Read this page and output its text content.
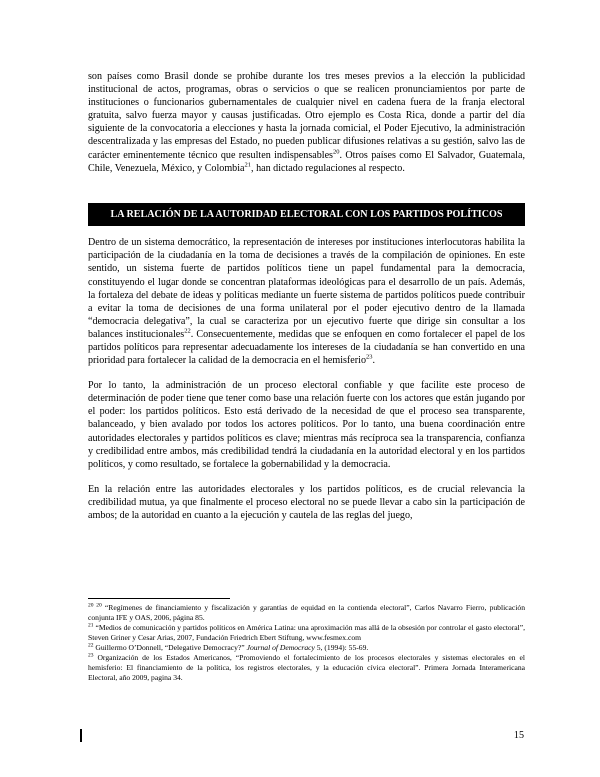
son países como Brasil donde se prohíbe durante los tres meses previos a la elección la publicidad institucional de actos, programas, obras o servicios o que se realicen pronunciamientos por parte de instituciones o funcionarios gubernamentales de cualquier nivel en cadena fuera de la franja electoral gratuita, salvo fuerza mayor y causas justificadas. Otro ejemplo es Costa Rica, donde a partir del día siguiente de la convocatoria a elecciones y hasta la jornada comicial, el Poder Ejecutivo, la administración descentralizada y las empresas del Estado, no pueden publicar difusiones relativas a su gestión, salvo las de carácter eminentemente técnico que resulten indispensables$^{20}$. Otros países como El Salvador, Guatemala, Chile, Venezuela, México, y Colombia$^{21}$, han dictado regulaciones al respecto.

LA RELACIÓN DE LA AUTORIDAD ELECTORAL CON LOS PARTIDOS POLÍTICOS

Dentro de un sistema democrático, la representación de intereses por instituciones interlocutoras habilita la participación de la ciudadanía en la toma de decisiones a través de la compilación de opiniones. En este sentido, un sistema fuerte de partidos políticos tiene un papel fundamental para la democracia, constituyendo el lugar donde se concentran plataformas ideológicas para el desarrollo de un país. Además, la fortaleza del debate de ideas y políticas mediante un fuerte sistema de partidos políticos puede contribuir a evitar la toma de decisiones de una forma unilateral por el poder ejecutivo dentro de la llamada “democracia delegativa”, la cual se caracteriza por un ejecutivo fuerte que dirige sin consultar a los balances institucionales$^{22}$. Consecuentemente, medidas que se enfoquen en como fortalecer el papel de los partidos políticos para representar adecuadamente los intereses de la ciudadanía se han convertido en una prioridad para fortalecer la calidad de la democracia en el hemisferio$^{23}$.

Por lo tanto, la administración de un proceso electoral confiable y que facilite este proceso de determinación de poder tiene que tener como base una relación fuerte con los actores que están jugando por el poder: los partidos políticos. Esto está derivado de la necesidad de que el proceso sea transparente, balanceado, y bien avalado por todos los actores políticos. Por lo tanto, una buena coordinación entre autoridades electorales y partidos políticos es clave; mientras más recíproca sea la transparencia, confianza y credibilidad entre ambos, más credibilidad tendrá la ciudadanía en la autoridad electoral y en los partidos políticos, y como resultado, se fortalece la gobernabilidad y la democracia.

En la relación entre las autoridades electorales y los partidos políticos, es de crucial relevancia la credibilidad mutua, ya que finalmente el proceso electoral no se puede llevar a cabo sin la participación de ambos; de la autoridad en cuanto a la ejecución y cautela de las reglas del juego,

$^{20 20}$ “Regímenes de financiamiento y fiscalización y garantías de equidad en la contienda electoral”, Carlos Navarro Fierro, publicación conjunta IFE y OAS, 2006, página 85.

$^{21}$ “Medios de comunicación y partidos políticos en América Latina: una aproximación mas allá de la obsesión por controlar el gasto electoral”, Steven Griner y Cesar Arias, 2007, Fundación Friedrich Ebert Stiftung, www.fesmex.com

$^{22}$ Guillermo O’Donnell, “Delegative Democracy?” Journal of Democracy 5, (1994): 55-69.

$^{23}$ Organización de los Estados Americanos, “Promoviendo el fortalecimiento de los procesos electorales y sistemas electorales en el hemisferio: El financiamiento de la política, los registros electorales, y la educación cívica electoral”. Primera Jornada Interamericana Electoral, año 2009, pagina 34.

15
